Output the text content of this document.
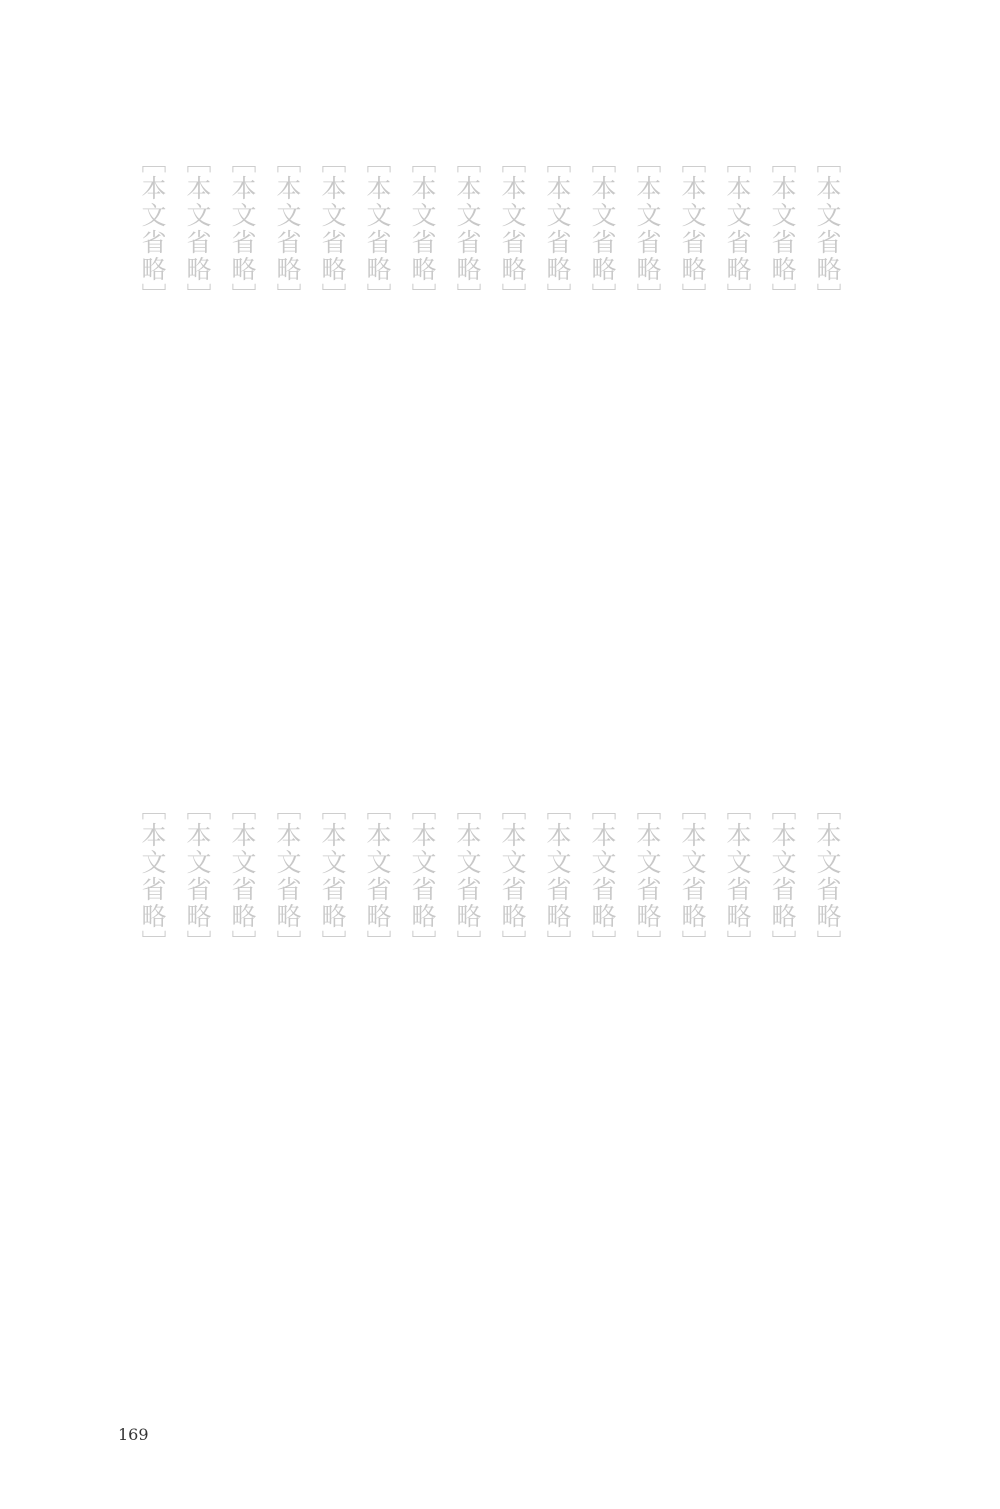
［本文省略］
［本文省略］
［本文省略］
［本文省略］
［本文省略］
［本文省略］
［本文省略］
［本文省略］
［本文省略］
［本文省略］
［本文省略］
［本文省略］
［本文省略］
［本文省略］
［本文省略］
［本文省略］
［本文省略］
［本文省略］
［本文省略］
［本文省略］
［本文省略］
［本文省略］
［本文省略］
［本文省略］
［本文省略］
［本文省略］
［本文省略］
［本文省略］
［本文省略］
［本文省略］
［本文省略］
［本文省略］
169
